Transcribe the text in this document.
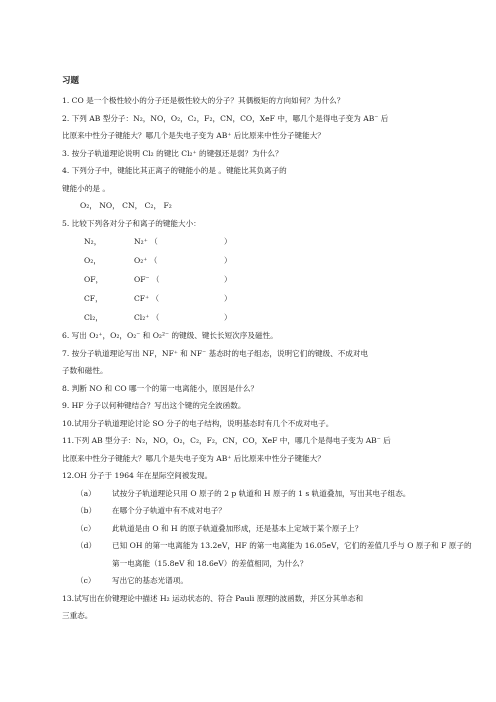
习题

1. CO 是一个极性较小的分子还是极性较大的分子？其偶极矩的方向如何？为什么？

2. 下列 AB 型分子：N₂，NO，O₂，C₂，F₂，CN，CO，XeF 中，哪几个是得电子变为 AB⁻ 后

比原来中性分子键能大？哪几个是失电子变为 AB⁺ 后比原来中性分子键能大？

3. 按分子轨道理论说明 Cl₂ 的键比 Cl₂⁺ 的键强还是弱？为什么？

4. 下列分子中，键能比其正离子的键能小的是 。键能比其负离子的

键能小的是 。

O₂， NO， CN， C₂， F₂

5. 比较下列各对分子和离子的键能大小：

N₂，	N₂⁺ （	）
O₂，	O₂⁺ （	）
OF，	OF⁻ （	）
CF，	CF⁺ （	）
Cl₂，	Cl₂⁺ （	）

6. 写出 O₂⁺，O₂，O₂⁻ 和 O₂²⁻ 的键级、键长长短次序及磁性。

7. 按分子轨道理论写出 NF，NF⁺ 和 NF⁻ 基态时的电子组态，说明它们的键级、不成对电

子数和磁性。

8. 判断 NO 和 CO 哪一个的第一电离能小，原因是什么？

9. HF 分子以何种键结合？写出这个键的完全波函数。

10.试用分子轨道理论讨论 SO 分子的电子结构，说明基态时有几个不成对电子。

11.下列 AB 型分子：N₂，NO，O₂，C₂，F₂，CN，CO，XeF 中，哪几个是得电子变为 AB⁻ 后

比原来中性分子键能大？哪几个是失电子变为 AB⁺ 后比原来中性分子键能大？

12.OH 分子于 1964 年在星际空间被发现。

（a）	试按分子轨道理论只用 O 原子的 2 p 轨道和 H 原子的 1 s 轨道叠加，写出其电子组态。
（b）	在哪个分子轨道中有不成对电子？
（c）	此轨道是由 O 和 H 的原子轨道叠加形成，还是基本上定域于某个原子上？
（d）	已知 OH 的第一电离能为 13.2eV，HF 的第一电离能为 16.05eV，它们的差值几乎与 O 原子和 F 原子的第一电离能（15.8eV 和 18.6eV）的差值相同，为什么？
（c）	写出它的基态光谱项。

13.试写出在价键理论中描述 H₂ 运动状态的、符合 Pauli 原理的波函数，并区分其单态和

三重态。
